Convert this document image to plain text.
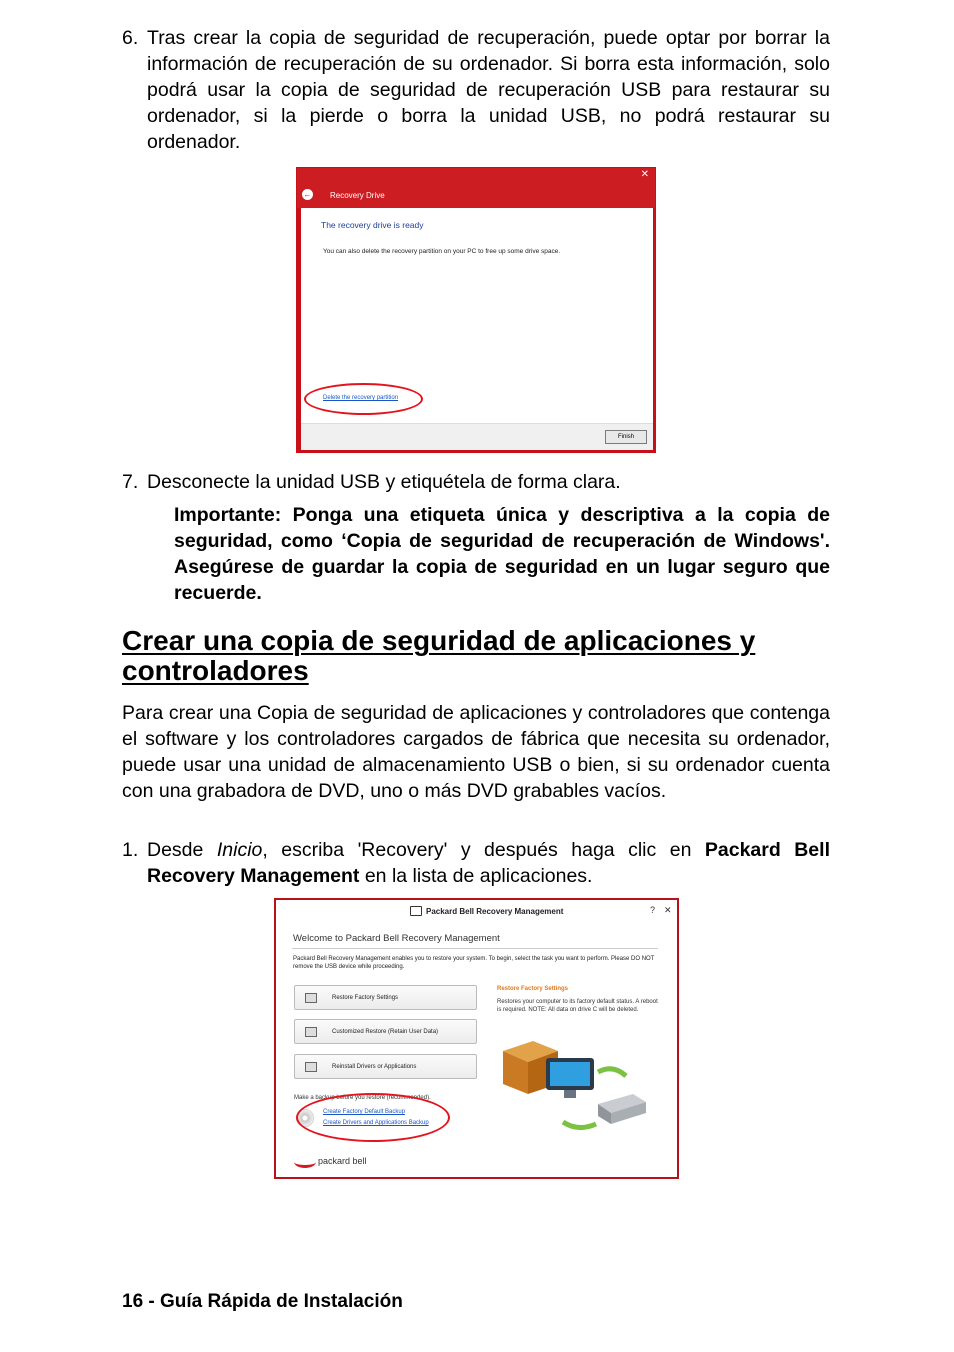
6. Tras crear la copia de seguridad de recuperación, puede optar por borrar la información de recuperación de su ordenador. Si borra esta información, solo podrá usar la copia de seguridad de recuperación USB para restaurar su ordenador, si la pierde o borra la unidad USB, no podrá restaurar su ordenador.
✕
← Recovery Drive
The recovery drive is ready
You can also delete the recovery partition on your PC to free up some drive space.
Delete the recovery partition
Finish
7. Desconecte la unidad USB y etiquétela de forma clara.

Importante: Ponga una etiqueta única y descriptiva a la copia de seguridad, como ‘Copia de seguridad de recuperación de Windows'. Asegúrese de guardar la copia de seguridad en un lugar seguro que recuerde.

Crear una copia de seguridad de aplicaciones y controladores

Para crear una Copia de seguridad de aplicaciones y controladores que contenga el software y los controladores cargados de fábrica que necesita su ordenador, puede usar una unidad de almacenamiento USB o bien, si su ordenador cuenta con una grabadora de DVD, uno o más DVD grabables vacíos.

1. Desde Inicio, escriba 'Recovery' y después haga clic en Packard Bell Recovery Management en la lista de aplicaciones.
Packard Bell Recovery Management	? ✕
Welcome to Packard Bell Recovery Management
Packard Bell Recovery Management enables you to restore your system. To begin, select the task you want to perform. Please DO NOT remove the USB device while proceeding.
Restore Factory Settings
Customized Restore (Retain User Data)
Reinstall Drivers or Applications
Restore Factory Settings
Restores your computer to its factory default status. A reboot is required. NOTE: All data on drive C will be deleted.
Make a backup before you restore (recommended).
Create Factory Default Backup
Create Drivers and Applications Backup
packard bell
16 - Guía Rápida de Instalación
